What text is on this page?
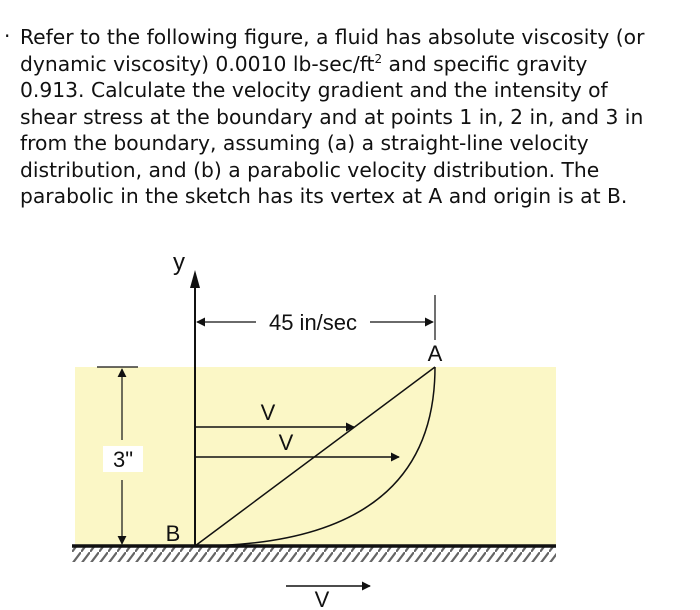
· Refer to the following figure, a fluid has absolute viscosity (or
dynamic viscosity) 0.0010 $lb-\sec/ft^2$ and specific gravity
0.913. Calculate the velocity gradient and the intensity of
shear stress at the boundary and at points 1 in, 2 in, and 3 in
from the boundary, assuming (a) a straight-line velocity
distribution, and (b) a parabolic velocity distribution. The
parabolic in the sketch has its vertex at A and origin is at B.
y
45 in/sec
A
3"
V
V
B
V
